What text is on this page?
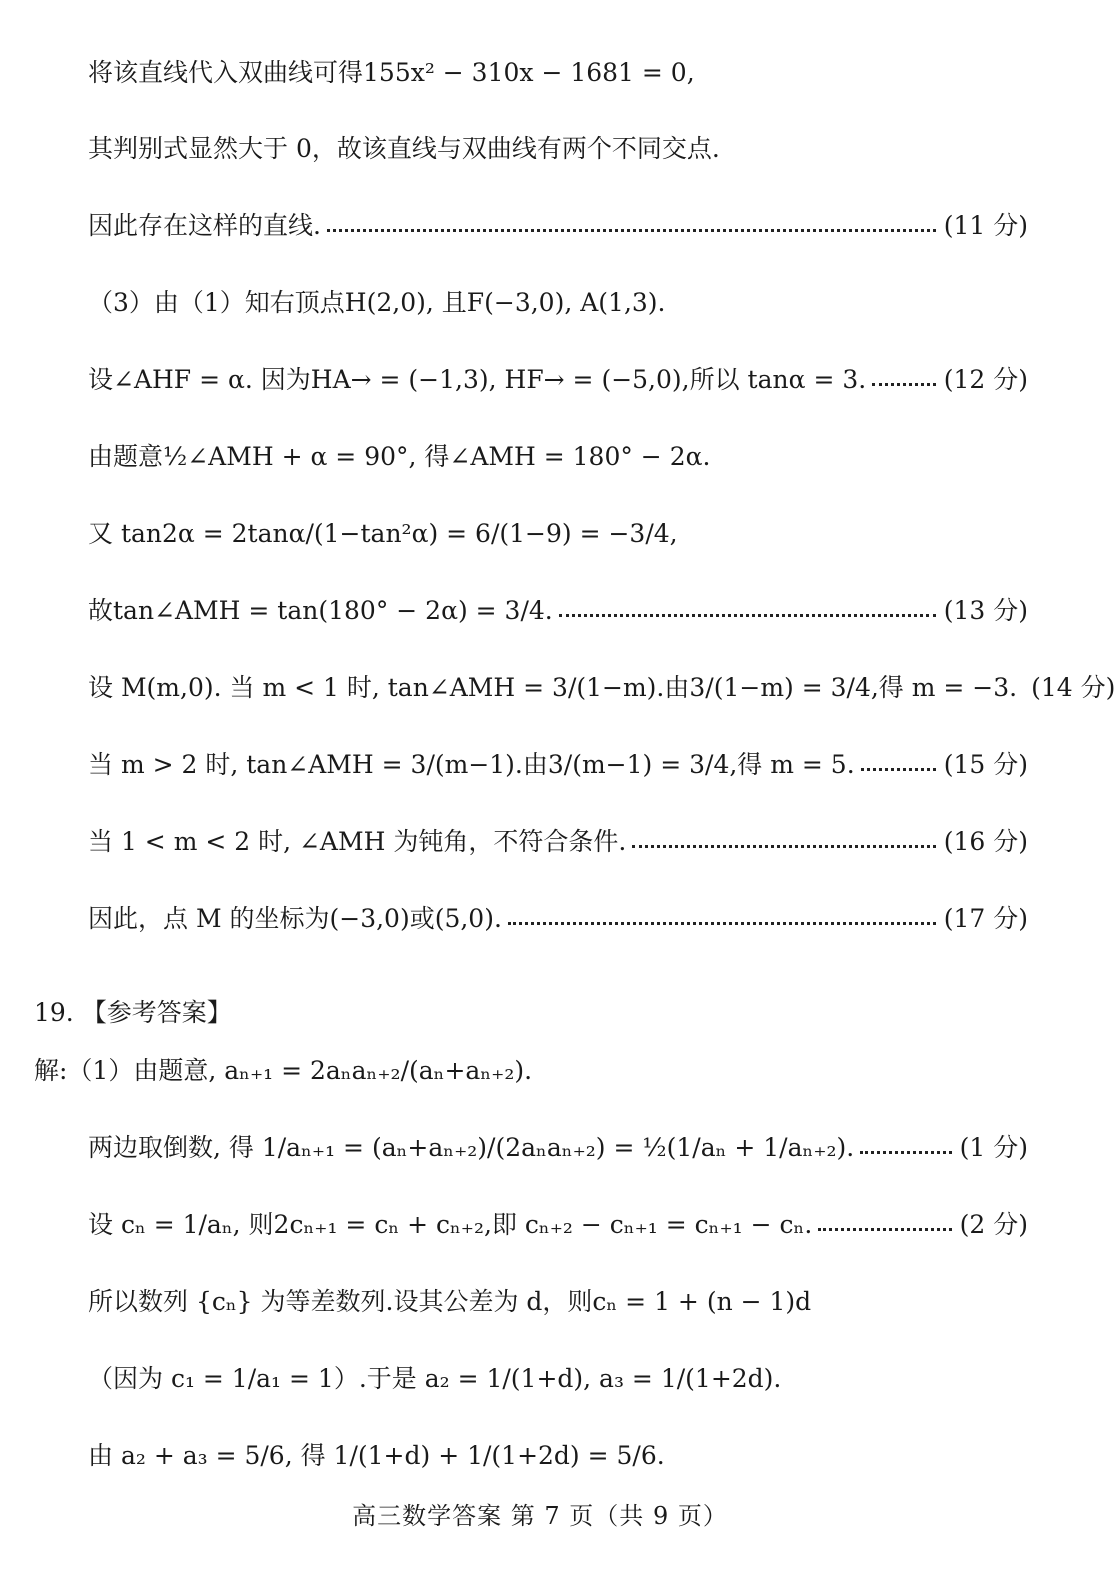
将该直线代入双曲线可得155x² − 310x − 1681 = 0,
其判别式显然大于 0，故该直线与双曲线有两个不同交点.
因此存在这样的直线.	(11 分)
（3）由（1）知右顶点H(2,0), 且F(−3,0), A(1,3).
设∠AHF = α. 因为HA→ = (−1,3), HF→ = (−5,0),所以 tanα = 3.	(12 分)
由题意½∠AMH + α = 90°, 得∠AMH = 180° − 2α.
又 tan2α = 2tanα/(1−tan²α) = 6/(1−9) = −3/4,
故tan∠AMH = tan(180° − 2α) = 3/4.	(13 分)
设 M(m,0). 当 m < 1 时, tan∠AMH = 3/(1−m).由3/(1−m) = 3/4,得 m = −3. (14 分)
当 m > 2 时, tan∠AMH = 3/(m−1).由3/(m−1) = 3/4,得 m = 5.	(15 分)
当 1 < m < 2 时, ∠AMH 为钝角，不符合条件.	(16 分)
因此，点 M 的坐标为(−3,0)或(5,0).	(17 分)
19. 【参考答案】
解:（1）由题意, aₙ₊₁ = 2aₙaₙ₊₂/(aₙ+aₙ₊₂).
两边取倒数, 得 1/aₙ₊₁ = (aₙ+aₙ₊₂)/(2aₙaₙ₊₂) = ½(1/aₙ + 1/aₙ₊₂).	(1 分)
设 cₙ = 1/aₙ, 则2cₙ₊₁ = cₙ + cₙ₊₂,即 cₙ₊₂ − cₙ₊₁ = cₙ₊₁ − cₙ.	(2 分)
所以数列 {cₙ} 为等差数列.设其公差为 d，则cₙ = 1 + (n − 1)d
（因为 c₁ = 1/a₁ = 1）.于是 a₂ = 1/(1+d), a₃ = 1/(1+2d).
由 a₂ + a₃ = 5/6, 得 1/(1+d) + 1/(1+2d) = 5/6.
高三数学答案 第 7 页（共 9 页）
